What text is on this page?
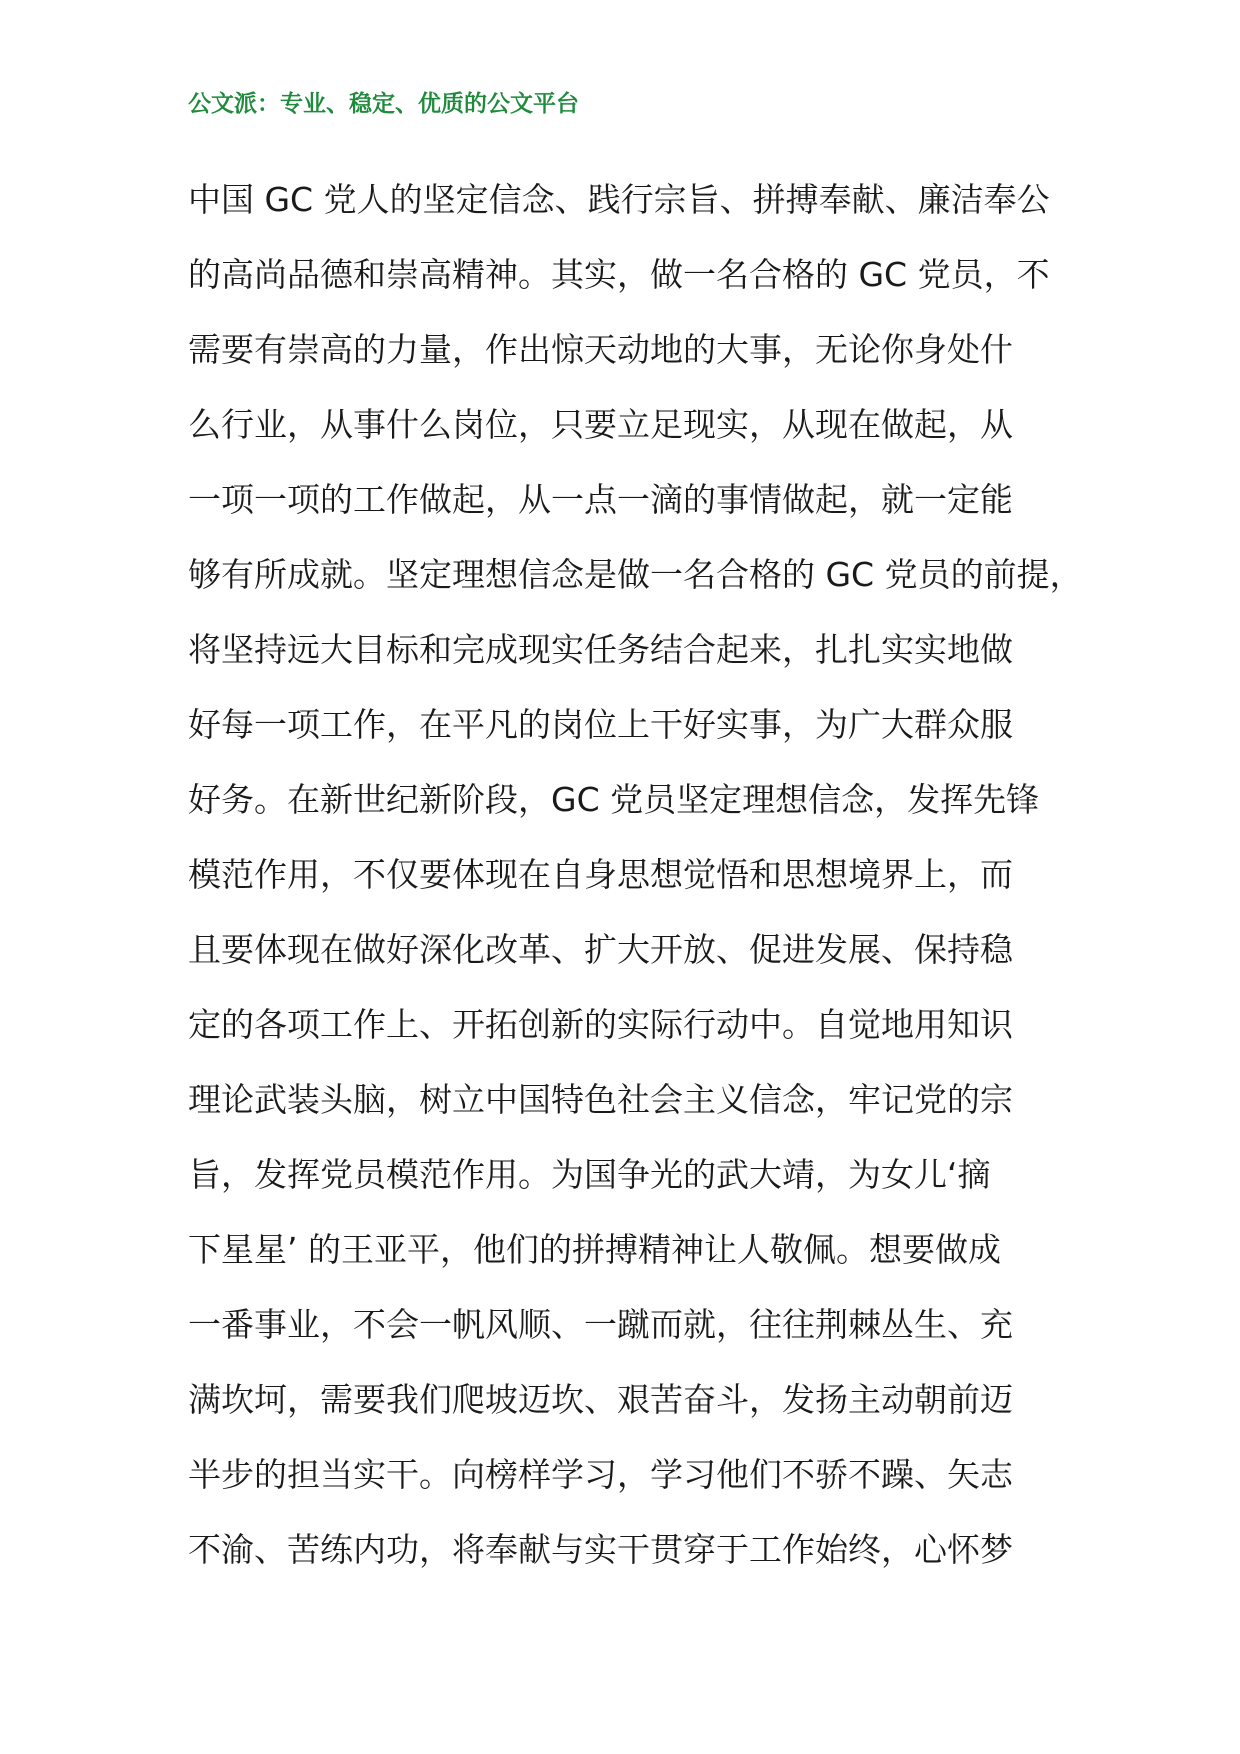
公文派：专业、稳定、优质的公文平台
中国 GC 党人的坚定信念、践行宗旨、拼搏奉献、廉洁奉公
的高尚品德和崇高精神。其实，做一名合格的 GC 党员，不
需要有崇高的力量，作出惊天动地的大事，无论你身处什
么行业，从事什么岗位，只要立足现实，从现在做起，从
一项一项的工作做起，从一点一滴的事情做起，就一定能
够有所成就。坚定理想信念是做一名合格的 GC 党员的前提，
将坚持远大目标和完成现实任务结合起来，扎扎实实地做
好每一项工作，在平凡的岗位上干好实事，为广大群众服
好务。在新世纪新阶段，GC 党员坚定理想信念，发挥先锋
模范作用，不仅要体现在自身思想觉悟和思想境界上，而
且要体现在做好深化改革、扩大开放、促进发展、保持稳
定的各项工作上、开拓创新的实际行动中。自觉地用知识
理论武装头脑，树立中国特色社会主义信念，牢记党的宗
旨，发挥党员模范作用。为国争光的武大靖，为女儿‘摘
下星星’ 的王亚平，他们的拼搏精神让人敬佩。想要做成
一番事业，不会一帆风顺、一蹴而就，往往荆棘丛生、充
满坎坷，需要我们爬坡迈坎、艰苦奋斗，发扬主动朝前迈
半步的担当实干。向榜样学习，学习他们不骄不躁、矢志
不渝、苦练内功，将奉献与实干贯穿于工作始终，心怀梦
